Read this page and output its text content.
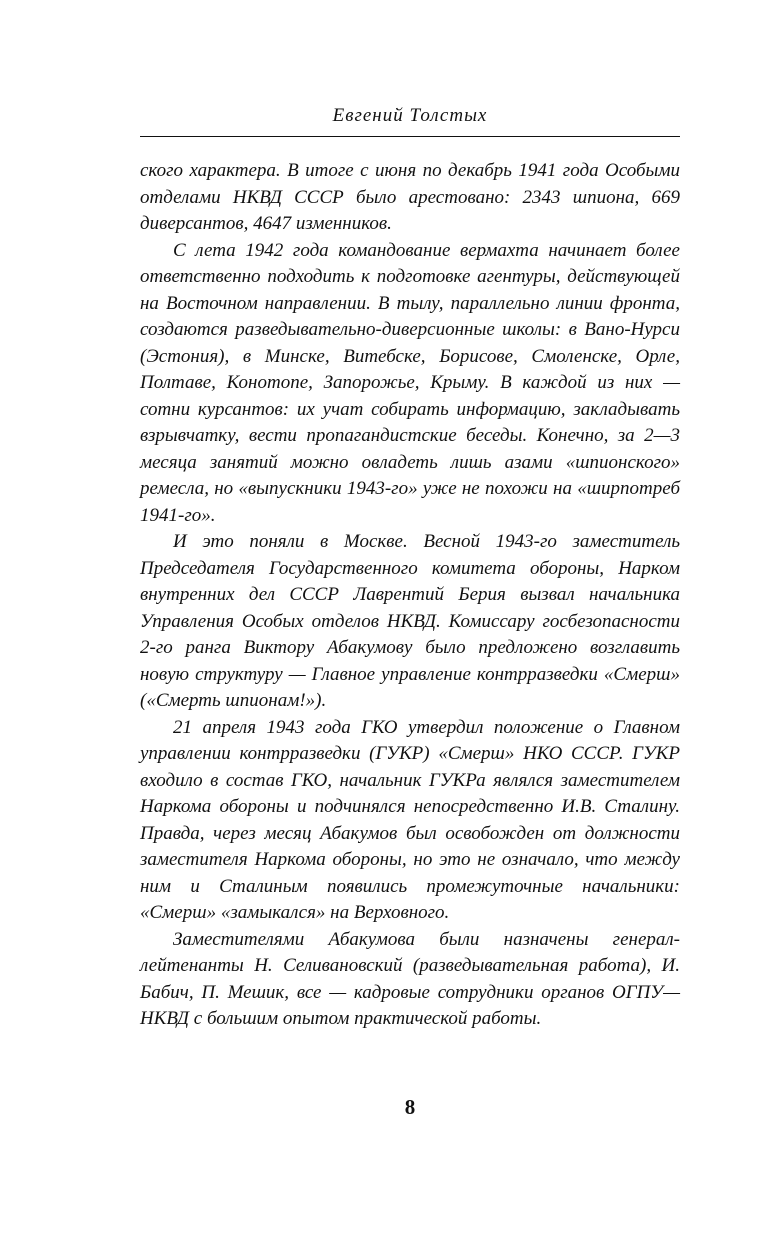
Евгений Толстых

ского характера. В итоге с июня по декабрь 1941 года Особыми отделами НКВД СССР было арестовано: 2343 шпиона, 669 диверсантов, 4647 изменников.

С лета 1942 года командование вермахта начинает более ответственно подходить к подготовке агентуры, действующей на Восточном направлении. В тылу, параллельно линии фронта, создаются разведывательно-диверсионные школы: в Вано-Нурси (Эстония), в Минске, Витебске, Борисове, Смоленске, Орле, Полтаве, Конотопе, Запорожье, Крыму. В каждой из них — сотни курсантов: их учат собирать информацию, закладывать взрывчатку, вести пропагандистские беседы. Конечно, за 2—3 месяца занятий можно овладеть лишь азами «шпионского» ремесла, но «выпускники 1943-го» уже не похожи на «ширпотреб 1941-го».

И это поняли в Москве. Весной 1943-го заместитель Председателя Государственного комитета обороны, Нарком внутренних дел СССР Лаврентий Берия вызвал начальника Управления Особых отделов НКВД. Комиссару госбезопасности 2-го ранга Виктору Абакумову было предложено возглавить новую структуру — Главное управление контрразведки «Смерш» («Смерть шпионам!»).

21 апреля 1943 года ГКО утвердил положение о Главном управлении контрразведки (ГУКР) «Смерш» НКО СССР. ГУКР входило в состав ГКО, начальник ГУКРа являлся заместителем Наркома обороны и подчинялся непосредственно И.В. Сталину. Правда, через месяц Абакумов был освобожден от должности заместителя Наркома обороны, но это не означало, что между ним и Сталиным появились промежуточные начальники: «Смерш» «замыкался» на Верховного.

Заместителями Абакумова были назначены генерал-лейтенанты Н. Селивановский (разведывательная работа), И. Бабич, П. Мешик, все — кадровые сотрудники органов ОГПУ—НКВД с большим опытом практической работы.

8
